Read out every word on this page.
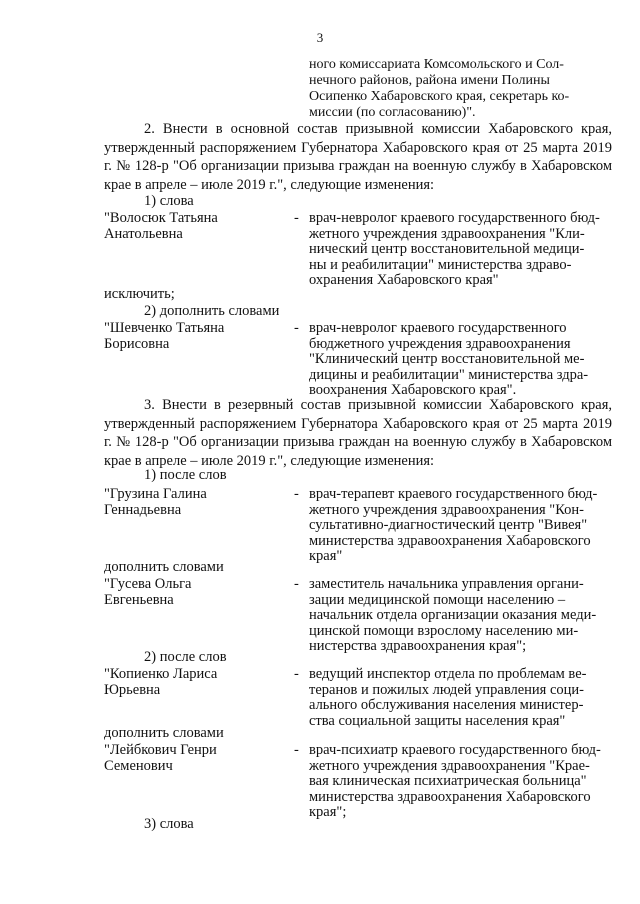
3
ного комиссариата Комсомольского и Сол-
нечного районов, района имени Полины
Осипенко Хабаровского края, секретарь ко-
миссии (по согласованию)".
2. Внести в основной состав призывной комиссии Хабаровского края, утвержденный распоряжением Губернатора Хабаровского края от 25 марта 2019 г. № 128-р "Об организации призыва граждан на военную службу в Хабаровском крае в апреле – июле 2019 г.", следующие изменения:
1) слова
"Волосюк Татьяна
Анатольевна
- врач-невролог краевого государственного бюд-
жетного учреждения здравоохранения "Кли-
нический центр восстановительной медици-
ны и реабилитации" министерства здраво-
охранения Хабаровского края"
исключить;
2) дополнить словами
"Шевченко Татьяна
Борисовна
- врач-невролог краевого государственного
бюджетного учреждения здравоохранения
"Клинический центр восстановительной ме-
дицины и реабилитации" министерства здра-
воохранения Хабаровского края".
3. Внести в резервный состав призывной комиссии Хабаровского края, утвержденный распоряжением Губернатора Хабаровского края от 25 марта 2019 г. № 128-р "Об организации призыва граждан на военную службу в Хабаровском крае в апреле – июле 2019 г.", следующие изменения:
1) после слов
"Грузина Галина
Геннадьевна
- врач-терапевт краевого государственного бюд-
жетного учреждения здравоохранения "Кон-
сультативно-диагностический центр "Вивея"
министерства здравоохранения Хабаровского
края"
дополнить словами
"Гусева Ольга
Евгеньевна
- заместитель начальника управления органи-
зации медицинской помощи населению –
начальник отдела организации оказания меди-
цинской помощи взрослому населению ми-
нистерства здравоохранения края";
2) после слов
"Копиенко Лариса
Юрьевна
- ведущий инспектор отдела по проблемам ве-
теранов и пожилых людей управления соци-
ального обслуживания населения министер-
ства социальной защиты населения края"
дополнить словами
"Лейбкович Генри
Семенович
- врач-психиатр краевого государственного бюд-
жетного учреждения здравоохранения "Крае-
вая клиническая психиатрическая больница"
министерства здравоохранения Хабаровского
края";
3) слова
